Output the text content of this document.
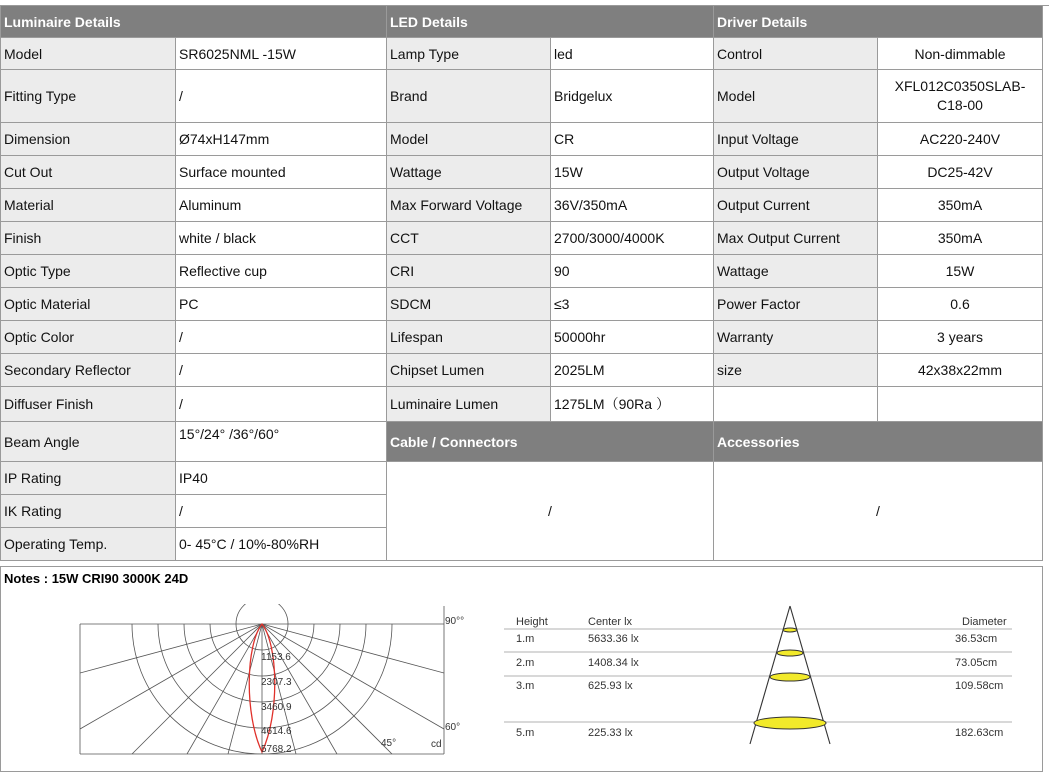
Luminaire Details		LED Details		Driver Details	
Model	SR6025NML -15W	Lamp Type	led	Control	Non-dimmable
Fitting Type	/	Brand	Bridgelux	Model	XFL012C0350SLAB-C18-00
Dimension	Ø74xH147mm	Model	CR	Input Voltage	AC220-240V
Cut Out	Surface mounted	Wattage	15W	Output Voltage	DC25-42V
Material	Aluminum	Max Forward Voltage	36V/350mA	Output Current	350mA
Finish	white / black	CCT	2700/3000/4000K	Max Output Current	350mA
Optic Type	Reflective cup	CRI	90	Wattage	15W
Optic Material	PC	SDCM	≤3	Power Factor	0.6
Optic Color	/	Lifespan	50000hr	Warranty	3 years
Secondary Reflector	/	Chipset Lumen	2025LM	size	42x38x22mm
Diffuser Finish	/	Luminaire Lumen	1275LM（90Ra ）		
Beam Angle	15°/24° /36°/60°	Cable / Connectors		Accessories	
IP Rating	IP40	/		/	
IK Rating	/				
Operating Temp.	0- 45°C / 10%-80%RH				
Notes : 15W CRI90 3000K 24D
1153.6
2307.3
3460.9
4614.6
5768.2
90°°
60°
45°	cd
Height	Center lx	Diameter
1.m	5633.36 lx	36.53cm
2.m	1408.34 lx	73.05cm
3.m	625.93 lx	109.58cm
5.m	225.33 lx	182.63cm
